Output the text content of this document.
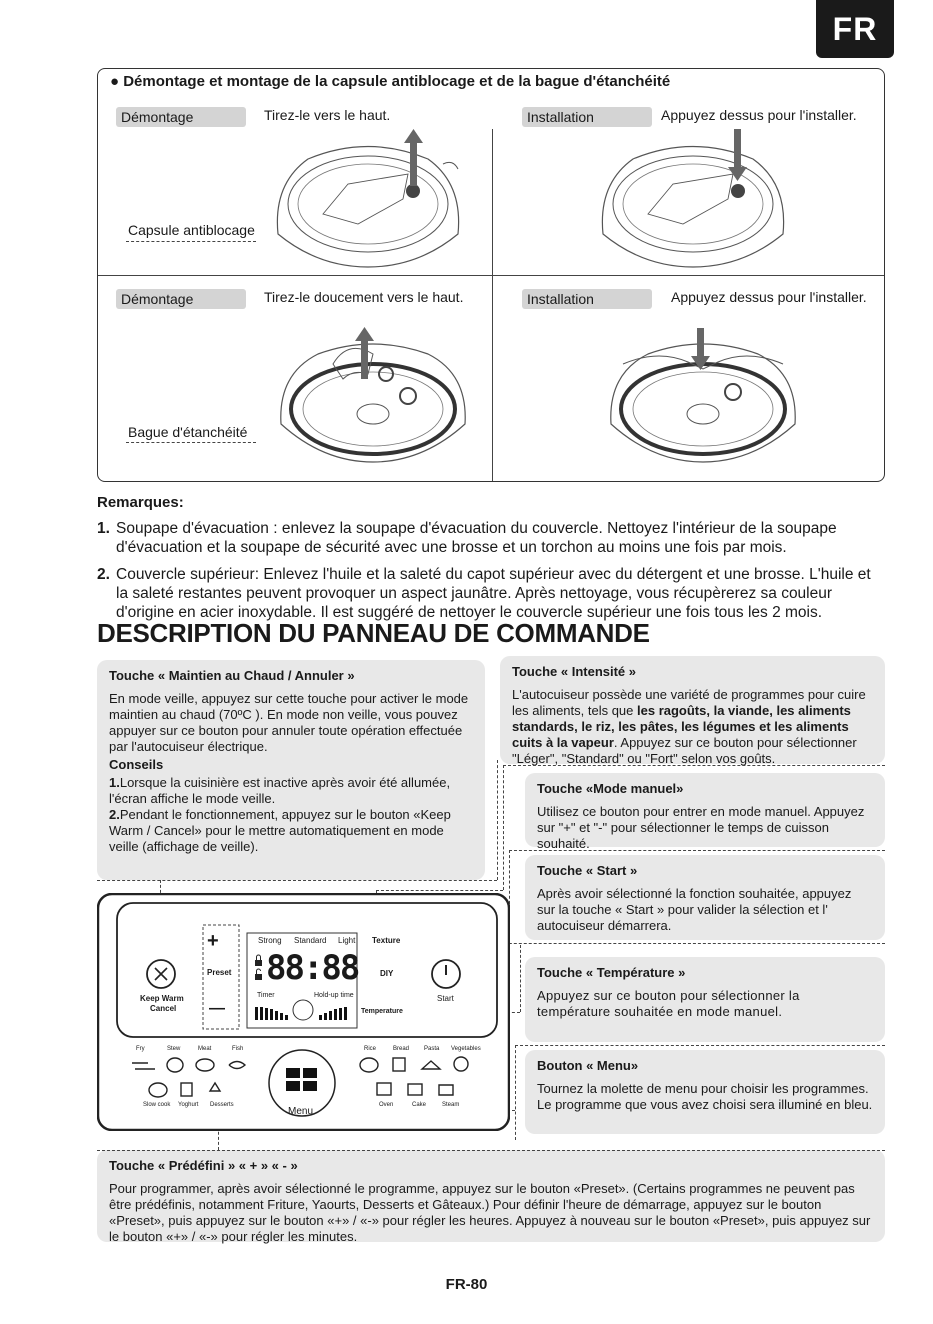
FR
● Démontage et montage de la capsule antiblocage et de la bague d'étanchéité
Démontage	Tirez-le vers le haut.
Capsule antiblocage
Installation	Appuyez dessus pour l'installer.
Démontage	Tirez-le doucement vers le haut.
Bague d'étanchéité
Installation	Appuyez dessus pour l'installer.
Remarques:
1. Soupape d'évacuation : enlevez la soupape d'évacuation du couvercle. Nettoyez l'intérieur de la soupape d'évacuation et la soupape de sécurité avec une brosse et un torchon au moins une fois par mois.
2. Couvercle supérieur: Enlevez l'huile et la saleté du capot supérieur avec du détergent et une brosse. L'huile et la saleté restantes peuvent provoquer un aspect jaunâtre. Après nettoyage, vous récupèrerez sa couleur d'origine en acier inoxydable. Il est suggéré de nettoyer le couvercle supérieur une fois tous les 2 mois.
DESCRIPTION DU PANNEAU DE COMMANDE
Touche « Maintien au Chaud / Annuler »

En mode veille, appuyez sur cette touche pour activer le mode maintien au chaud (70ºC ). En mode non veille, vous pouvez appuyer sur ce bouton pour annuler toute opération effectuée par l'autocuiseur électrique.

Conseils

1.Lorsque la cuisinière est inactive après avoir été allumée, l'écran affiche le mode veille.

2.Pendant le fonctionnement, appuyez sur le bouton «Keep Warm / Cancel» pour le mettre automatiquement en mode veille (affichage de veille).

Touche « Intensité »

L'autocuiseur possède une variété de programmes pour cuire les aliments, tels que les ragoûts, la viande, les aliments standards, le riz, les pâtes, les légumes et les aliments cuits à la vapeur. Appuyez sur ce bouton pour sélectionner "Léger", "Standard" ou "Fort" selon vos goûts.

Touche «Mode manuel»

Utilisez ce bouton pour entrer en mode manuel. Appuyez sur "+" et "-" pour sélectionner le temps de cuisson souhaité.

Touche « Start »

Après avoir sélectionné la fonction souhaitée, appuyez sur la touche « Start » pour valider la sélection et l' autocuiseur démarrera.

Touche « Température »

Appuyez sur ce bouton pour sélectionner la température souhaitée en mode manuel.

Bouton « Menu»

Tournez la molette de menu pour choisir les programmes. Le programme que vous avez choisi sera illuminé en bleu.

Touche « Prédéfini » « + » « - »

Pour programmer, après avoir sélectionné le programme, appuyez sur le bouton «Preset». (Certains programmes ne peuvent pas être prédéfinis, notamment Friture, Yaourts, Desserts et Gâteaux.) Pour définir l'heure de démarrage, appuyez sur le bouton «Preset», puis appuyez sur le bouton «+» / «-» pour régler les heures. Appuyez à nouveau sur le bouton «Preset», puis appuyez sur le bouton «+» / «-» pour régler les minutes.

+
—
Preset
Strong Standard Light Texture
88:88	DIY
Timer	Hold-up time
Temperature
Keep Warm
Cancel
Start
Menu
Fry	Stew	Meat	Fish
Slow cook Yoghurt Desserts
Rice	Bread Pasta Vegetables
Oven	Cake	Steam
FR-80
